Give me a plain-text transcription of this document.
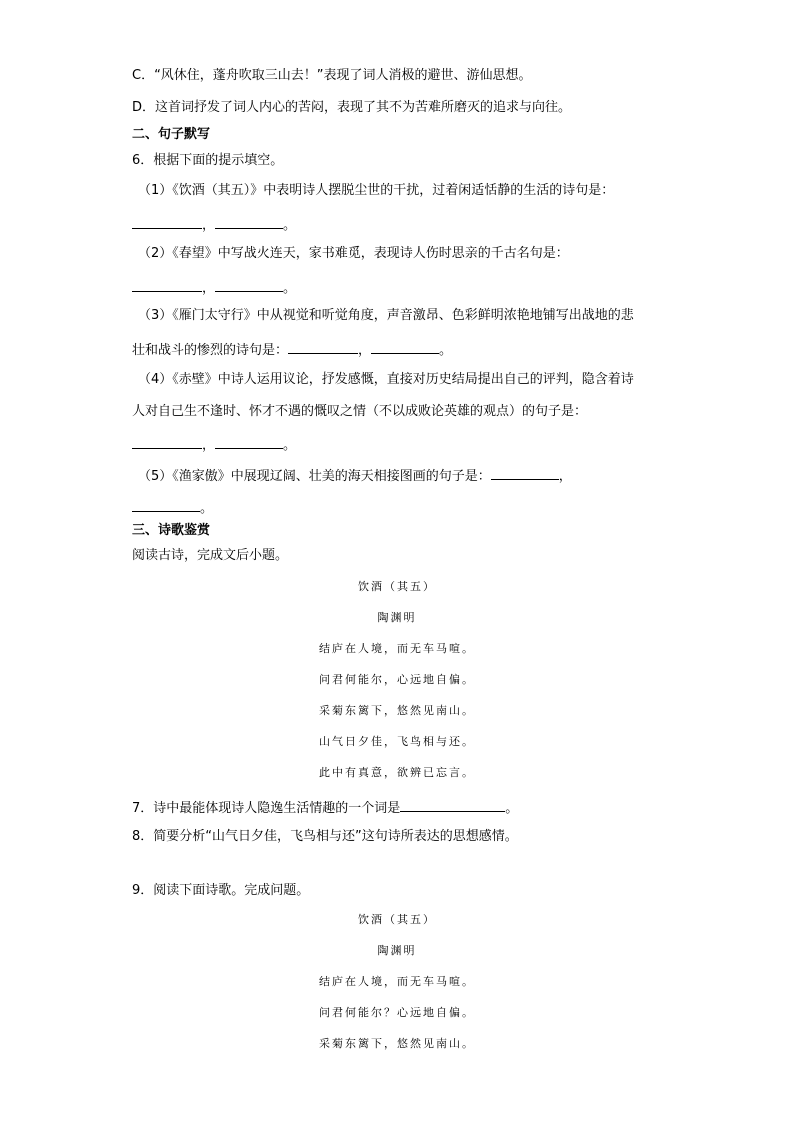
C．“风休住，蓬舟吹取三山去！”表现了词人消极的避世、游仙思想。
D．这首词抒发了词人内心的苦闷，表现了其不为苦难所磨灭的追求与向往。
二、句子默写
6．根据下面的提示填空。
（1）《饮酒（其五）》中表明诗人摆脱尘世的干扰，过着闲适恬静的生活的诗句是：
，	。
（2）《春望》中写战火连天，家书难觅，表现诗人伤时思亲的千古名句是：
，	。
（3）《雁门太守行》中从视觉和听觉角度，声音激昂、色彩鲜明浓艳地铺写出战地的悲
壮和战斗的惨烈的诗句是：	，	。
（4）《赤壁》中诗人运用议论，抒发感慨，直接对历史结局提出自己的评判，隐含着诗
人对自己生不逢时、怀才不遇的慨叹之情（不以成败论英雄的观点）的句子是：
，	。
（5）《渔家傲》中展现辽阔、壮美的海天相接图画的句子是：	，
。
三、诗歌鉴赏
阅读古诗，完成文后小题。
饮酒（其五）
陶渊明
结庐在人境，而无车马喧。
问君何能尔，心远地自偏。
采菊东篱下，悠然见南山。
山气日夕佳，飞鸟相与还。
此中有真意，欲辨已忘言。
7．诗中最能体现诗人隐逸生活情趣的一个词是	。
8．简要分析“山气日夕佳，飞鸟相与还”这句诗所表达的思想感情。
9．阅读下面诗歌。完成问题。
饮酒（其五）
陶渊明
结庐在人境，而无车马喧。
问君何能尔？心远地自偏。
采菊东篱下，悠然见南山。
